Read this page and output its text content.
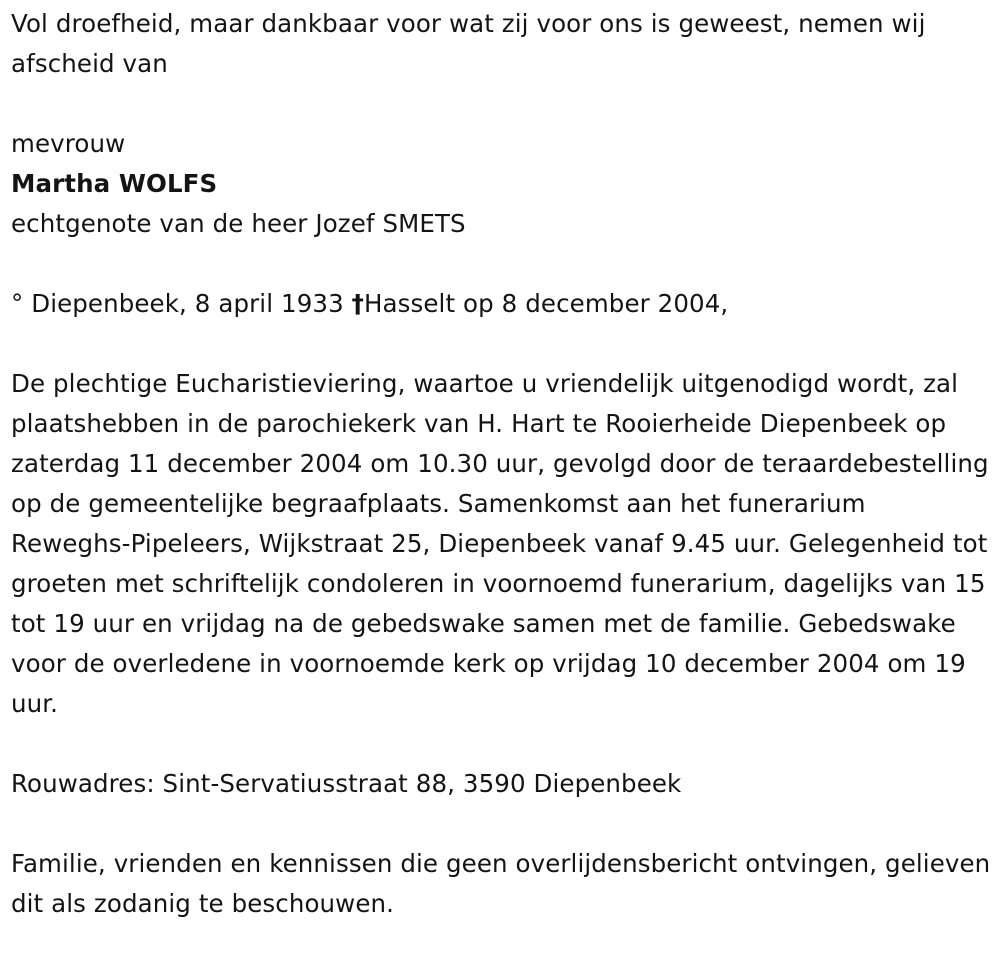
Vol droefheid, maar dankbaar voor wat zij voor ons is geweest, nemen wij afscheid van

mevrouw

Martha WOLFS

echtgenote van de heer Jozef SMETS

° Diepenbeek, 8 april 1933 †Hasselt op 8 december 2004,

De plechtige Eucharistieviering, waartoe u vriendelijk uitgenodigd wordt, zal plaatshebben in de parochiekerk van H. Hart te Rooierheide Diepenbeek op zaterdag 11 december 2004 om 10.30 uur, gevolgd door de teraardebestelling op de gemeentelijke begraafplaats. Samenkomst aan het funerarium Reweghs-Pipeleers, Wijkstraat 25, Diepenbeek vanaf 9.45 uur. Gelegenheid tot groeten met schriftelijk condoleren in voornoemd funerarium, dagelijks van 15 tot 19 uur en vrijdag na de gebedswake samen met de familie. Gebedswake voor de overledene in voornoemde kerk op vrijdag 10 december 2004 om 19 uur.

Rouwadres: Sint-Servatiusstraat 88, 3590 Diepenbeek

Familie, vrienden en kennissen die geen overlijdensbericht ontvingen, gelieven dit als zodanig te beschouwen.
